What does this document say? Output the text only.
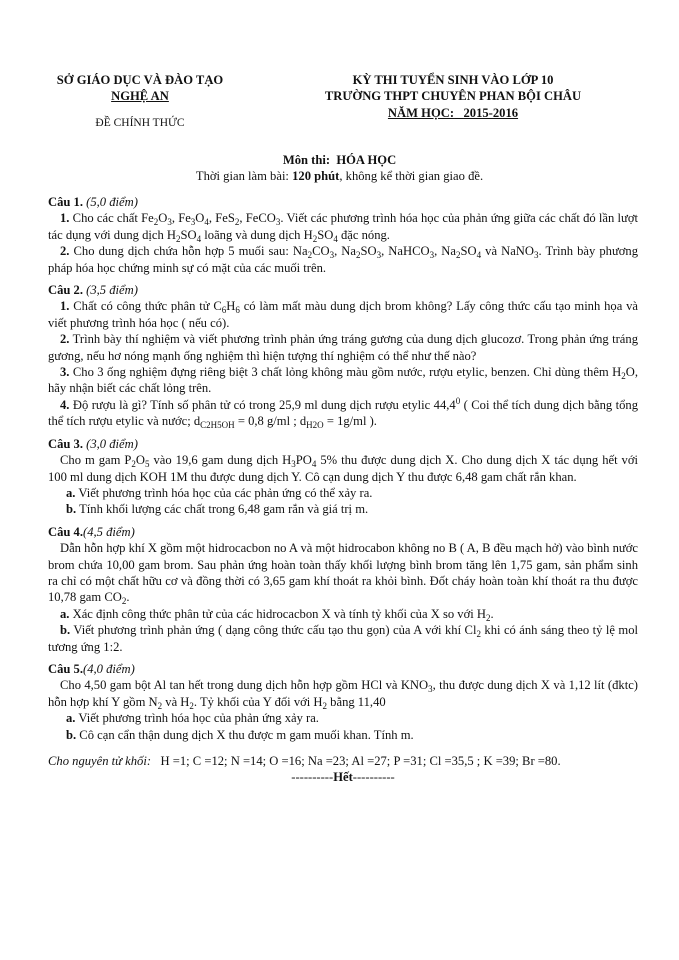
SỞ GIÁO DỤC VÀ ĐÀO TẠO
NGHỆ AN
ĐỀ CHÍNH THỨC
KỲ THI TUYỂN SINH VÀO LỚP 10
TRƯỜNG THPT CHUYÊN PHAN BỘI CHÂU
NĂM HỌC: 2015-2016
Môn thi: HÓA HỌC
Thời gian làm bài: 120 phút, không kể thời gian giao đề.
Câu 1. (5,0 điểm)

1. Cho các chất $Fe_2O_3$, $Fe_3O_4$, FeS$_2$, FeCO$_3$. Viết các phương trình hóa học của phản ứng giữa các chất đó lần lượt tác dụng với dung dịch $H_2SO_4$ loãng và dung dịch $H_2SO_4$ đặc nóng.

2. Cho dung dịch chứa hỗn hợp 5 muối sau: $Na_2CO_3$, $Na_2SO_3$, NaHCO$_3$, $Na_2SO_4$ và NaNO$_3$. Trình bày phương pháp hóa học chứng minh sự có mặt của các muối trên.

Câu 2. (3,5 điểm)

1. Chất có công thức phân tử $C_6H_6$ có làm mất màu dung dịch brom không? Lấy công thức cấu tạo minh họa và viết phương trình hóa học ( nếu có).

2. Trình bày thí nghiệm và viết phương trình phản ứng tráng gương của dung dịch glucozơ. Trong phản ứng tráng gương, nếu hơ nóng mạnh ống nghiệm thì hiện tượng thí nghiệm có thể như thế nào?

3. Cho 3 ống nghiệm đựng riêng biệt 3 chất lỏng không màu gồm nước, rượu etylic, benzen. Chỉ dùng thêm $H_2O$, hãy nhận biết các chất lỏng trên.

4. Độ rượu là gì? Tính số phân tử có trong 25,9 ml dung dịch rượu etylic 44,4$^0$ ( Coi thể tích dung dịch bằng tổng thể tích rượu etylic và nước; $d_{C2H5OH} = 0,8$ g/ml ; $d_{H2O} = 1g/ml$ ).

Câu 3. (3,0 điểm)

Cho m gam $P_2O_5$ vào 19,6 gam dung dịch $H_3PO_4$ 5% thu được dung dịch X. Cho dung dịch X tác dụng hết với 100 ml dung dịch KOH 1M thu được dung dịch Y. Cô cạn dung dịch Y thu được 6,48 gam chất rắn khan.

a. Viết phương trình hóa học của các phản ứng có thể xảy ra.

b. Tính khối lượng các chất trong 6,48 gam rắn và giá trị m.

Câu 4.(4,5 điểm)

Dẫn hỗn hợp khí X gồm một hidrocacbon no A và một hidrocabon không no B ( A, B đều mạch hở) vào bình nước brom chứa 10,00 gam brom. Sau phản ứng hoàn toàn thấy khối lượng bình brom tăng lên 1,75 gam, sản phẩm sinh ra chỉ có một chất hữu cơ và đồng thời có 3,65 gam khí thoát ra khỏi bình. Đốt cháy hoàn toàn khí thoát ra thu được 10,78 gam $CO_2$.

a. Xác định công thức phân tử của các hidrocacbon X và tính tỷ khối của X so với $H_2$.

b. Viết phương trình phản ứng ( dạng công thức cấu tạo thu gọn) của A với khí $Cl_2$ khi có ánh sáng theo tỷ lệ mol tương ứng 1:2.

Câu 5.(4,0 điểm)

Cho 4,50 gam bột Al tan hết trong dung dịch hỗn hợp gồm HCl và $KNO_3$, thu được dung dịch X và 1,12 lít (đktc) hỗn hợp khí Y gồm $N_2$ và $H_2$. Tỷ khối của Y đối với $H_2$ bằng 11,40

a. Viết phương trình hóa học của phản ứng xảy ra.

b. Cô cạn cẩn thận dung dịch X thu được m gam muối khan. Tính m.

Cho nguyên tử khối: H =1; C =12; N =14; O =16; Na =23; Al =27; P =31; Cl =35,5 ; K =39; Br =80.
----------Hết----------
